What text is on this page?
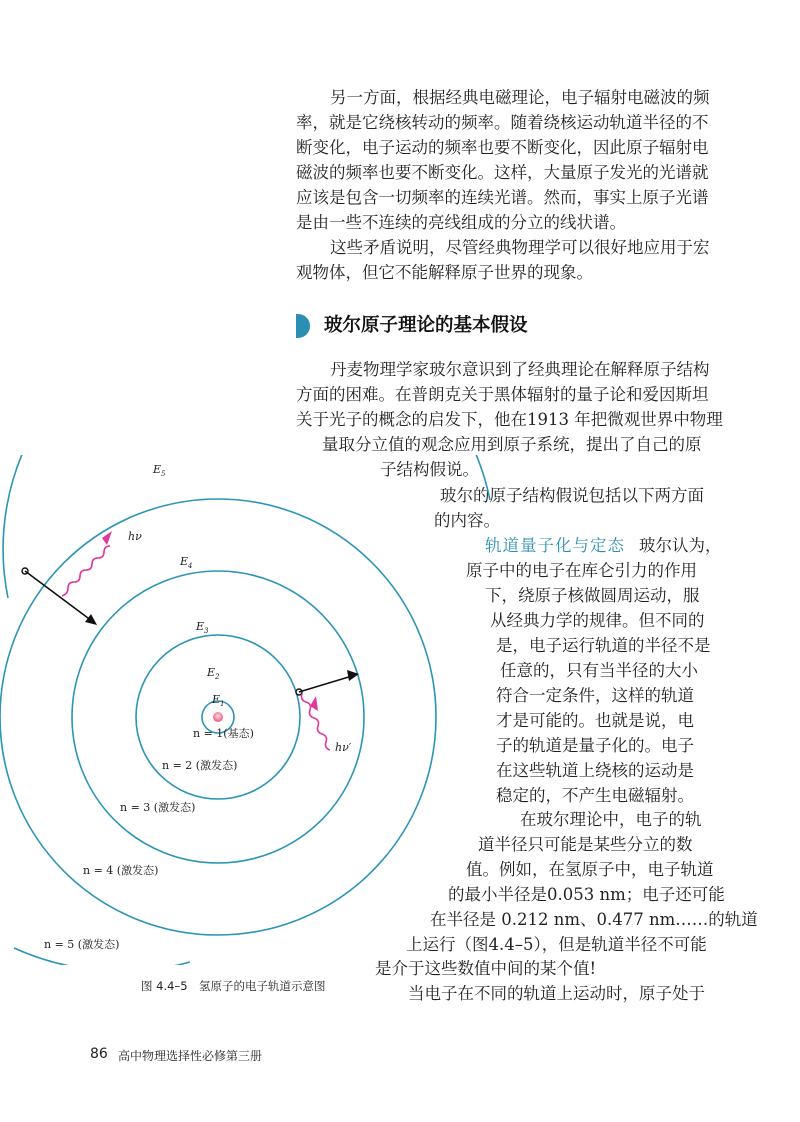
另一方面，根据经典电磁理论，电子辐射电磁波的频
率，就是它绕核转动的频率。随着绕核运动轨道半径的不
断变化，电子运动的频率也要不断变化，因此原子辐射电
磁波的频率也要不断变化。这样，大量原子发光的光谱就
应该是包含一切频率的连续光谱。然而，事实上原子光谱
是由一些不连续的亮线组成的分立的线状谱。
这些矛盾说明，尽管经典物理学可以很好地应用于宏
观物体，但它不能解释原子世界的现象。
玻尔原子理论的基本假设
丹麦物理学家玻尔意识到了经典理论在解释原子结构
方面的困难。在普朗克关于黑体辐射的量子论和爱因斯坦
关于光子的概念的启发下，他在1913 年把微观世界中物理
量取分立值的观念应用到原子系统，提出了自己的原
子结构假说。
玻尔的原子结构假说包括以下两方面
的内容。
轨道量子化与定态 玻尔认为，
原子中的电子在库仑引力的作用
下，绕原子核做圆周运动，服
从经典力学的规律。但不同的
是，电子运行轨道的半径不是
任意的，只有当半径的大小
符合一定条件，这样的轨道
才是可能的。也就是说，电
子的轨道是量子化的。电子
在这些轨道上绕核的运动是
稳定的，不产生电磁辐射。
在玻尔理论中，电子的轨
道半径只可能是某些分立的数
值。例如，在氢原子中，电子轨道
的最小半径是0.053 nm；电子还可能
在半径是 0.212 nm、0.477 nm……的轨道
上运行（图4.4–5），但是轨道半径不可能
是介于这些数值中间的某个值!
当电子在不同的轨道上运动时，原子处于
$E_5$
$E_4$
$E_3$
$E_2$
$E_1$
hν
hν′
n = 1(基态)
n = 2 (激发态)
n = 3 (激发态)
n = 4 (激发态)
n = 5 (激发态)
图 4.4–5　氢原子的电子轨道示意图
86 高中物理选择性必修第三册
